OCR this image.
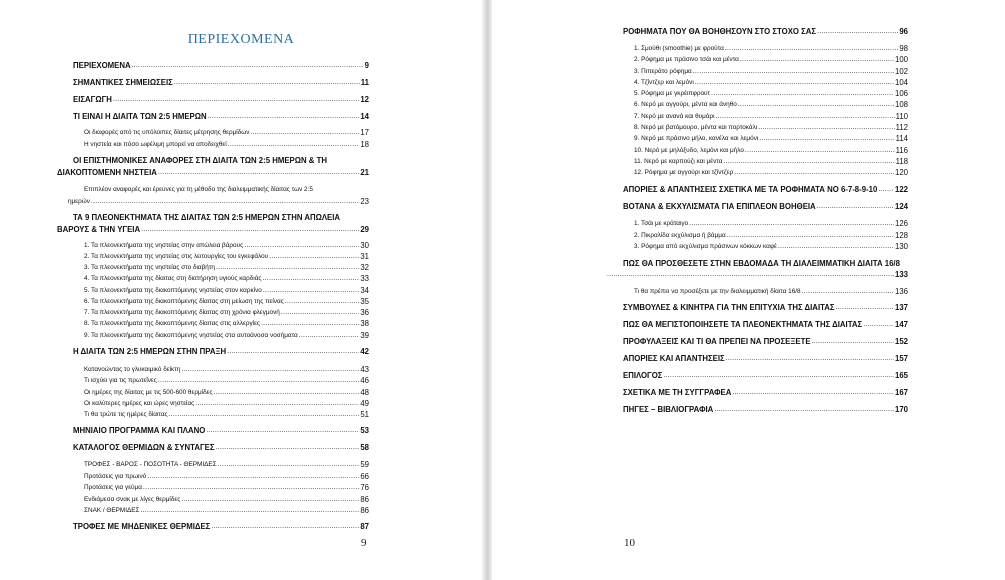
ΠΕΡΙΕΧΟΜΕΝΑ
ΠΕΡΙΕΧΟΜΕΝΑ .....	9
ΣΗΜΑΝΤΙΚΕΣ ΣΗΜΕΙΩΣΕΙΣ .....	11
ΕΙΣΑΓΩΓΗ .....	12
ΤΙ ΕΙΝΑΙ Η ΔΙΑΙΤΑ ΤΩΝ 2:5 ΗΜΕΡΩΝ .....	14
Οι διαφορές από τις υπόλοιπες δίαιτες μέτρησης θερμίδων .....	17
Η νηστεία και πόσο ωφέλιμη μπορεί να αποδειχθεί .....	18
ΟΙ ΕΠΙΣΤΗΜΟΝΙΚΕΣ ΑΝΑΦΟΡΕΣ ΣΤΗ ΔΙΑΙΤΑ ΤΩΝ 2:5 ΗΜΕΡΩΝ & ΤΗ
ΔΙΑΚΟΠΤΟΜΕΝΗ ΝΗΣΤΕΙΑ .....	21
Επιπλέον αναφορές και έρευνες για τη μέθοδο της διαλειμματικής δίαιτας των 2:5
ημερών .....	23
ΤΑ 9 ΠΛΕΟΝΕΚΤΗΜΑΤΑ ΤΗΣ ΔΙΑΙΤΑΣ ΤΩΝ 2:5 ΗΜΕΡΩΝ ΣΤΗΝ ΑΠΩΛΕΙΑ
ΒΑΡΟΥΣ & ΤΗΝ ΥΓΕΙΑ .....	29
1. Τα πλεονεκτήματα της νηστείας στην απώλεια βάρους .....	30
2. Τα πλεονεκτήματα της νηστείας στις λειτουργίες του εγκεφάλου .....	31
3. Τα πλεονεκτήματα της νηστείας στο διαβήτη .....	32
4. Τα πλεονεκτήματα της δίαιτας στη διατήρηση υγιούς καρδιάς .....	33
5. Τα πλεονεκτήματα της διακοπτόμενης νηστείας στον καρκίνο .....	34
6. Τα πλεονεκτήματα της διακοπτόμενης δίαιτας στη μείωση της πείνας .....	35
7. Τα πλεονεκτήματα της διακοπτόμενης δίαιτας στη χρόνια φλεγμονή .....	36
8. Τα πλεονεκτήματα της διακοπτόμενης δίαιτας στις αλλεργίες .....	38
9. Τα πλεονεκτήματα της διακοπτόμενης νηστείας στα αυτοάνοσα νοσήματα .....	39
Η ΔΙΑΙΤΑ ΤΩΝ 2:5 ΗΜΕΡΩΝ ΣΤΗΝ ΠΡΑΞΗ .....	42
Κατανοώντας το γλυκαιμικό δείκτη .....	43
Τι ισχύει για τις πρωτεΐνες .....	46
Οι ημέρες της δίαιτας με τις 500-600 θερμίδες .....	48
Οι καλύτερες ημέρες και ώρες νηστείας .....	49
Τι θα τρώτε τις ημέρες δίαιτας .....	51
ΜΗΝΙΑΙΟ ΠΡΟΓΡΑΜΜΑ ΚΑΙ ΠΛΑΝΟ .....	53
ΚΑΤΑΛΟΓΟΣ ΘΕΡΜΙΔΩΝ & ΣΥΝΤΑΓΕΣ .....	58
ΤΡΟΦΕΣ - ΒΑΡΟΣ - ΠΟΣΟΤΗΤΑ - ΘΕΡΜΙΔΕΣ .....	59
Προτάσεις για πρωινό .....	66
Προτάσεις για γεύμα .....	76
Ενδιάμεσα σνακ με λίγες θερμίδες .....	86
ΣΝΑΚ / ΘΕΡΜΙΔΕΣ .....	86
ΤΡΟΦΕΣ ΜΕ ΜΗΔΕΝΙΚΕΣ ΘΕΡΜΙΔΕΣ .....	87
9
ΡΟΦΗΜΑΤΑ ΠΟΥ ΘΑ ΒΟΗΘΗΣΟΥΝ ΣΤΟ ΣΤΟΧΟ ΣΑΣ .....	96
1. Σμούθι (smoothie) με φρούτα .....	98
2. Ρόφημα με πράσινο τσάι και μέντα .....	100
3. Πιπεράτο ρόφημα .....	102
4. Τζίντζερ και λεμόνι .....	104
5. Ρόφημα με γκρέιπφρουτ .....	106
6. Νερό με αγγούρι, μέντα και άνηθο .....	108
7. Νερό με ανανά και θυμάρι .....	110
8. Νερό με βατόμουρο, μέντα και πορτοκάλι .....	112
9. Νερό με πράσινο μήλο, κανέλα και λεμόνι .....	114
10. Νερό με μηλόξυδο, λεμόνι και μήλο .....	116
11. Νερό με καρπούζι και μέντα .....	118
12. Ρόφημα με αγγούρι και τζίντζερ .....	120
ΑΠΟΡΙΕΣ & ΑΠΑΝΤΗΣΕΙΣ ΣΧΕΤΙΚΑ ΜΕ ΤΑ ΡΟΦΗΜΑΤΑ ΝΟ 6-7-8-9-10 ..... 122
ΒΟΤΑΝΑ & ΕΚΧΥΛΙΣΜΑΤΑ ΓΙΑ ΕΠΙΠΛΕΟΝ ΒΟΗΘΕΙΑ .....	124
1. Τσάι με κράταιγο .....	126
2. Πικραλίδα εκχύλισμα ή βάμμα .....	128
3. Ρόφημα από εκχύλισμα πράσινων κόκκων καφέ .....	130
ΠΩΣ ΘΑ ΠΡΟΣΘΕΣΕΤΕ ΣΤΗΝ ΕΒΔΟΜΑΔΑ ΤΗ ΔΙΑΛΕΙΜΜΑΤΙΚΗ ΔΙΑΙΤΑ 16/8
.....
133
Τι θα πρέπει να προσέξετε με την διαλειμματική δίαιτα 16/8 .....	136
ΣΥΜΒΟΥΛΕΣ & ΚΙΝΗΤΡΑ ΓΙΑ ΤΗΝ ΕΠΙΤΥΧΙΑ ΤΗΣ ΔΙΑΙΤΑΣ .....	137
ΠΩΣ ΘΑ ΜΕΓΙΣΤΟΠΟΙΗΣΕΤΕ ΤΑ ΠΛΕΟΝΕΚΤΗΜΑΤΑ ΤΗΣ ΔΙΑΙΤΑΣ .....	147
ΠΡΟΦΥΛΑΞΕΙΣ ΚΑΙ ΤΙ ΘΑ ΠΡΕΠΕΙ ΝΑ ΠΡΟΣΕΞΕΤΕ .....	152
ΑΠΟΡΙΕΣ ΚΑΙ ΑΠΑΝΤΗΣΕΙΣ .....	157
ΕΠΙΛΟΓΟΣ .....	165
ΣΧΕΤΙΚΑ ΜΕ ΤΗ ΣΥΓΓΡΑΦΕΑ .....	167
ΠΗΓΕΣ – ΒΙΒΛΙΟΓΡΑΦΙΑ .....	170
10
